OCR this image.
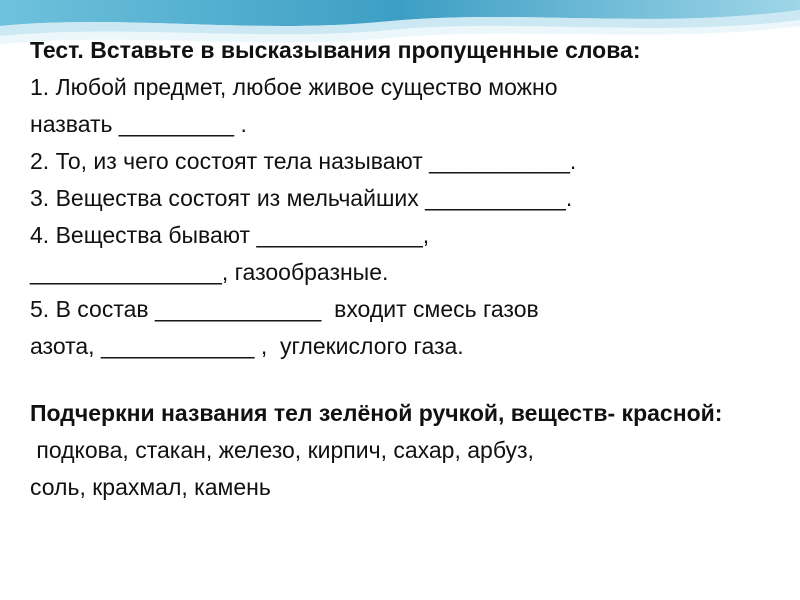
Тест. Вставьте в высказывания пропущенные слова:

1. Любой предмет, любое живое существо можно

назвать _________ .

2. То, из чего состоят тела называют ___________.

3. Вещества состоят из мельчайших ___________.

4. Вещества бывают _____________,

_______________, газообразные.

5. В состав _____________  входит смесь газов

азота, ____________ ,  углекислого газа.

Подчеркни названия тел зелёной ручкой, веществ- красной:

подкова, стакан, железо, кирпич, сахар, арбуз,

соль, крахмал, камень
